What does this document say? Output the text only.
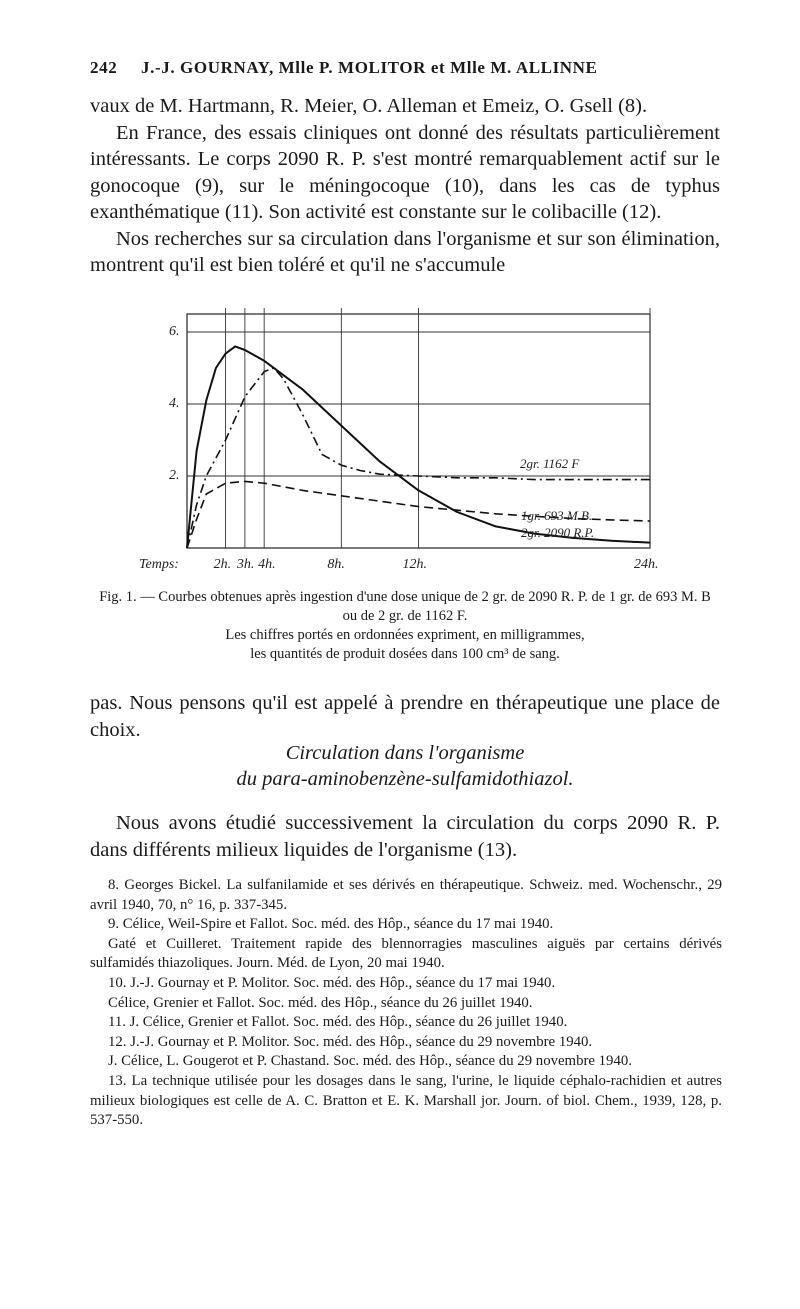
242 J.-J. GOURNAY, Mlle P. MOLITOR et Mlle M. ALLINNE

vaux de M. Hartmann, R. Meier, O. Alleman et Emeiz, O. Gsell (8).

En France, des essais cliniques ont donné des résultats particulièrement intéressants. Le corps 2090 R. P. s'est montré remarquablement actif sur le gonocoque (9), sur le méningocoque (10), dans les cas de typhus exanthématique (11). Son activité est constante sur le colibacille (12).

Nos recherches sur sa circulation dans l'organisme et sur son élimination, montrent qu'il est bien toléré et qu'il ne s'accumule

2.
4.
6.
2h. 3h. 4h.	8h.	12h.	24h.
Temps:
2gr. 1162 F
1gr. 693 M.B.
2gr. 2090 R.P.

Fig. 1. — Courbes obtenues après ingestion d'une dose unique de 2 gr. de 2090 R. P. de 1 gr. de 693 M. B ou de 2 gr. de 1162 F.

Les chiffres portés en ordonnées expriment, en milligrammes,

les quantités de produit dosées dans 100 cm³ de sang.

pas. Nous pensons qu'il est appelé à prendre en thérapeutique une place de choix.

Circulation dans l'organisme

du para-aminobenzène-sulfamidothiazol.

Nous avons étudié successivement la circulation du corps 2090 R. P. dans différents milieux liquides de l'organisme (13).

8. Georges Bickel. La sulfanilamide et ses dérivés en thérapeutique. Schweiz. med. Wochenschr., 29 avril 1940, 70, n° 16, p. 337-345.

9. Célice, Weil-Spire et Fallot. Soc. méd. des Hôp., séance du 17 mai 1940.

Gaté et Cuilleret. Traitement rapide des blennorragies masculines aiguës par certains dérivés sulfamidés thiazoliques. Journ. Méd. de Lyon, 20 mai 1940.

10. J.-J. Gournay et P. Molitor. Soc. méd. des Hôp., séance du 17 mai 1940.

Célice, Grenier et Fallot. Soc. méd. des Hôp., séance du 26 juillet 1940.

11. J. Célice, Grenier et Fallot. Soc. méd. des Hôp., séance du 26 juillet 1940.

12. J.-J. Gournay et P. Molitor. Soc. méd. des Hôp., séance du 29 novembre 1940.

J. Célice, L. Gougerot et P. Chastand. Soc. méd. des Hôp., séance du 29 novembre 1940.

13. La technique utilisée pour les dosages dans le sang, l'urine, le liquide céphalo-rachidien et autres milieux biologiques est celle de A. C. Bratton et E. K. Marshall jor. Journ. of biol. Chem., 1939, 128, p. 537-550.
